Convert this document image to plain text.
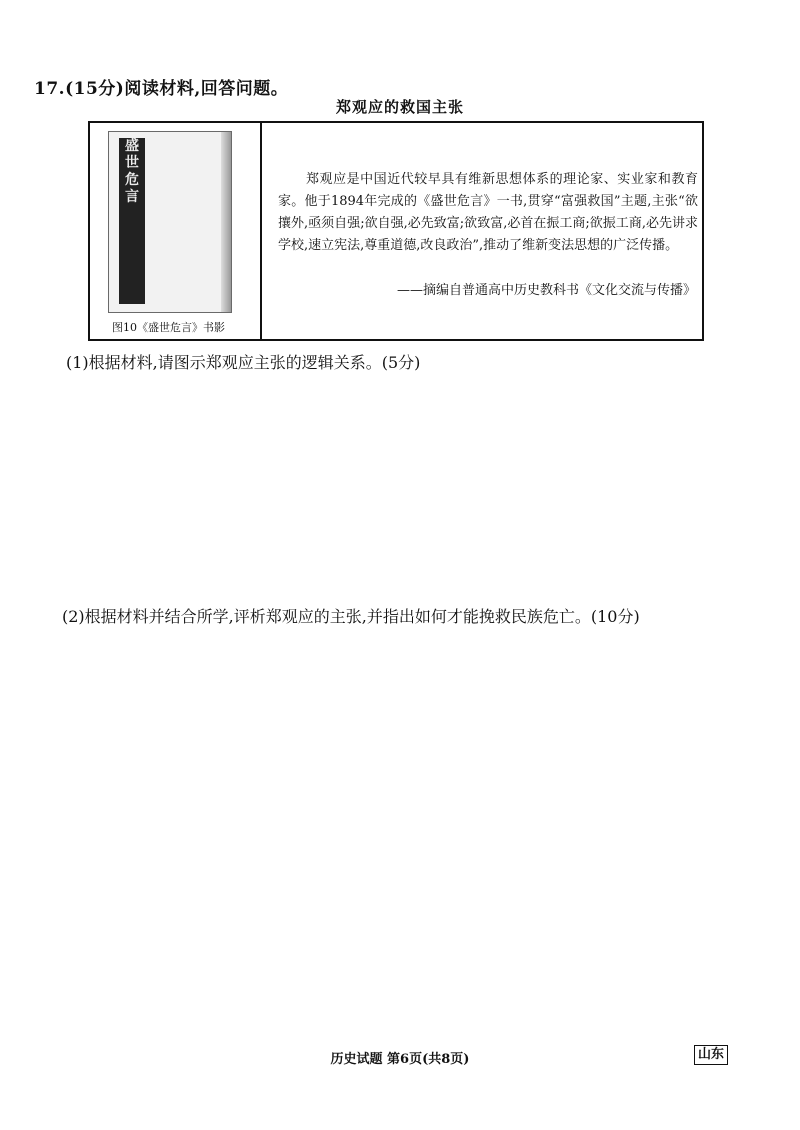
17.(15分)阅读材料,回答问题。
郑观应的救国主张
盛世危言
图10《盛世危言》书影
郑观应是中国近代较早具有维新思想体系的理论家、实业家和教育家。他于1894年完成的《盛世危言》一书,贯穿“富强救国”主题,主张“欲攘外,亟须自强;欲自强,必先致富;欲致富,必首在振工商;欲振工商,必先讲求学校,速立宪法,尊重道德,改良政治”,推动了维新变法思想的广泛传播。
——摘编自普通高中历史教科书《文化交流与传播》
(1)根据材料,请图示郑观应主张的逻辑关系。(5分)
(2)根据材料并结合所学,评析郑观应的主张,并指出如何才能挽救民族危亡。(10分)
历史试题 第6页(共8页)	山东
